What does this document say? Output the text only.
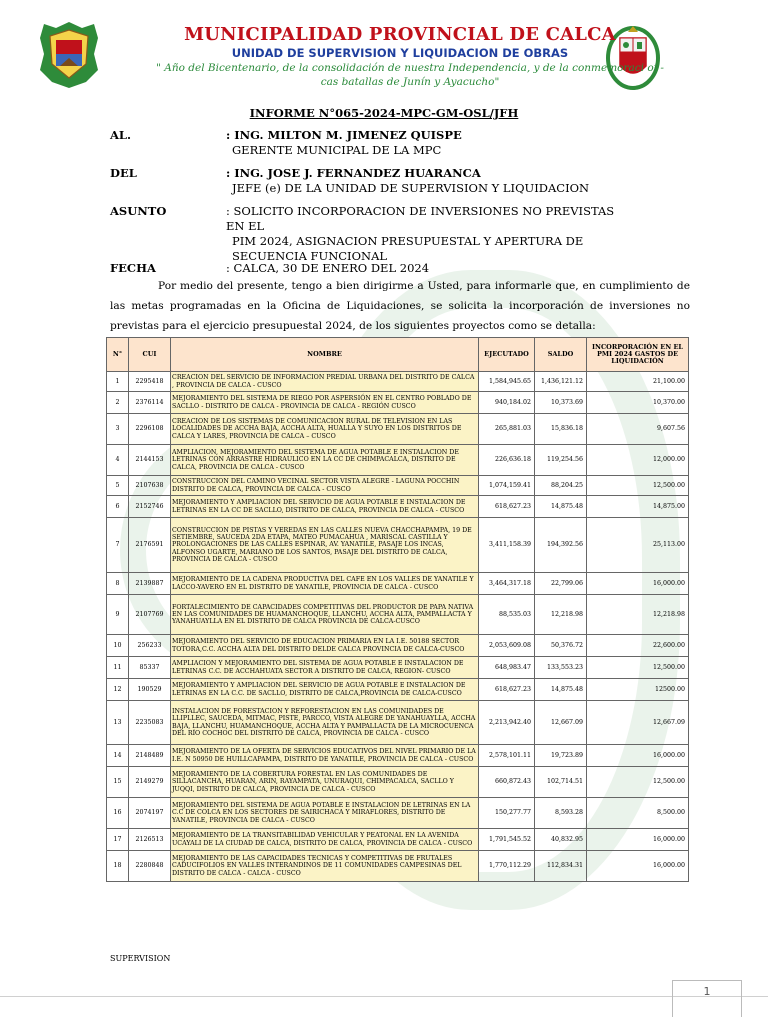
MUNICIPALIDAD PROVINCIAL DE CALCA
UNIDAD DE SUPERVISION Y LIQUIDACION DE OBRAS
" Año del Bicentenario, de la consolidación de nuestra Independencia, y de la conmemoraci oi -
cas batallas de Junín y Ayacucho"
INFORME N°065-2024-MPC-GM-OSL/JFH
AL.	: ING. MILTON M. JIMENEZ QUISPE
GERENTE MUNICIPAL DE LA MPC
DEL	: ING. JOSE J. FERNANDEZ HUARANCA
JEFE (e) DE LA UNIDAD DE SUPERVISION Y LIQUIDACION
ASUNTO	: SOLICITO INCORPORACION DE INVERSIONES NO PREVISTAS EN EL
PIM 2024, ASIGNACION PRESUPUESTAL Y APERTURA DE
SECUENCIA FUNCIONAL
FECHA	: CALCA, 30 DE ENERO DEL 2024
Por medio del presente, tengo a bien dirigirme a Usted, para informarle que, en cumplimiento de las metas programadas en la Oficina de Liquidaciones, se solicita la incorporación de inversiones no previstas para el ejercicio presupuestal 2024, de los siguientes proyectos como se detalla:
N°	CUI	NOMBRE	EJECUTADO	SALDO	INCORPORACIÓN EN EL PMI 2024 GASTOS DE LIQUIDACIÓN
1	2295418	CREACION DEL SERVICIO DE INFORMACION PREDIAL URBANA DEL DISTRITO DE CALCA , PROVINCIA DE CALCA - CUSCO	1,584,945.65	1,436,121.12	21,100.00
2	2376114	MEJORAMIENTO DEL SISTEMA DE RIEGO POR ASPERSIÓN EN EL CENTRO POBLADO DE SACLLO - DISTRITO DE CALCA - PROVINCIA DE CALCA - REGIÓN CUSCO	940,184.02	10,373.69	10,370.00
3	2296108	CREACION DE LOS SISTEMAS DE COMUNICACION RURAL DE TELEVISION EN LAS LOCALIDADES DE ACCHA BAJA, ACCHA ALTA, HUALLA Y SUYO EN LOS DISTRITOS DE CALCA Y LARES, PROVINCIA DE CALCA – CUSCO	265,881.03	15,836.18	9,607.56
4	2144153	AMPLIACION, MEJORAMIENTO DEL SISTEMA DE AGUA POTABLE E INSTALACION DE LETRINAS CON ARRASTRE HIDRAULICO EN LA CC DE CHIMPACALCA, DISTRITO DE CALCA, PROVINCIA DE CALCA - CUSCO	226,636.18	119,254.56	12,000.00
5	2107638	CONSTRUCCION DEL CAMINO VECINAL SECTOR VISTA ALEGRE - LAGUNA POCCHIN DISTRITO DE CALCA, PROVINCIA DE CALCA - CUSCO	1,074,159.41	88,204.25	12,500.00
6	2152746	MEJORAMIENTO Y AMPLIACION DEL SERVICIO DE AGUA POTABLE E INSTALACION DE LETRINAS EN LA CC DE SACLLO, DISTRITO DE CALCA, PROVINCIA DE CALCA - CUSCO	618,627.23	14,875.48	14,875.00
7	2176591	CONSTRUCCION DE PISTAS Y VEREDAS EN LAS CALLES NUEVA CHACCHAPAMPA, 19 DE SETIEMBRE, SAUCEDA 2DA ETAPA, MATEO PUMACAHUA , MARISCAL CASTILLA Y PROLONGACIONES DE LAS CALLES ESPINAR, AV. YANATILE, PASAJE LOS INCAS, ALFONSO UGARTE, MARIANO DE LOS SANTOS, PASAJE DEL DISTRITO DE CALCA, PROVINCIA DE CALCA - CUSCO	3,411,158.39	194,392.56	25,113.00
8	2139887	MEJORAMIENTO DE LA CADENA PRODUCTIVA DEL CAFE EN LOS VALLES DE YANATILE Y LACCO-YAVERO EN EL DISTRITO DE YANATILE, PROVINCIA DE CALCA - CUSCO	3,464,317.18	22,799.06	16,000.00
9	2107769	FORTALECIMIENTO DE CAPACIDADES COMPETITIVAS DEL PRODUCTOR DE PAPA NATIVA EN LAS COMUNIDADES DE HUAMANCHOQUE, LLANCHU, ACCHA ALTA, PAMPALLACTA Y YANAHUAYLLA EN EL DISTRITO DE CALCA PROVINCIA DE CALCA-CUSCO	88,535.03	12,218.98	12,218.98
10	256233	MEJORAMIENTO DEL SERVICIO DE EDUCACION PRIMARIA EN LA I.E. 50188 SECTOR TOTORA,C.C. ACCHA ALTA DEL DISTRITO DELDE CALCA PROVINCIA DE CALCA-CUSCO	2,053,609.08	50,376.72	22,600.00
11	85337	AMPLIACION Y MEJORAMIENTO DEL SISTEMA DE AGUA POTABLE E INSTALACION DE LETRINAS C.C. DE ACCHAHUATA SECTOR A DISTRITO DE CALCA, REGION- CUSCO	648,983.47	133,553.23	12,500.00
12	190529	MEJORAMIENTO Y AMPLIACION DEL SERVICIO DE AGUA POTABLE E INSTALACION DE LETRINAS EN LA C.C. DE SACLLO, DISTRITO DE CALCA,PROVINCIA DE CALCA-CUSCO	618,627.23	14,875.48	12500.00
13	2235083	INSTALACION DE FORESTACION Y REFORESTACION EN LAS COMUNIDADES DE LLIPLLEC, SAUCEDA, MITMAC, PISTE, PARCCO, VISTA ALEGRE DE YANAHUAYLLA, ACCHA BAJA, LLANCHU, HUAMANCHOQUE, ACCHA ALTA Y PAMPALLACTA DE LA MICROCUENCA DEL RÍO COCHOC DEL DISTRITO DE CALCA, PROVINCIA DE CALCA - CUSCO	2,213,942.40	12,667.09	12,667.09
14	2148489	MEJORAMIENTO DE LA OFERTA DE SERVICIOS EDUCATIVOS DEL NIVEL PRIMARIO DE LA I.E. N 50950 DE HUILLCAPAMPA, DISTRITO DE YANATILE, PROVINCIA DE CALCA - CUSCO	2,578,101.11	19,723.89	16,000.00
15	2149279	MEJORAMIENTO DE LA COBERTURA FORESTAL EN LAS COMUNIDADES DE SILLACANCHA, HUARAN, ARIN, RAYAMPATA, UNURAQUI, CHIMPACALCA, SACLLO Y JUQQI, DISTRITO DE CALCA, PROVINCIA DE CALCA - CUSCO	660,872.43	102,714.51	12,500.00
16	2074197	MEJORAMIENTO DEL SISTEMA DE AGUA POTABLE E INSTALACION DE LETRINAS EN LA C.C DE COLCA EN LOS SECTORES DE SAIRICHACA Y MIRAFLORES, DISTRITO DE YANATILE, PROVINCIA DE CALCA - CUSCO	150,277.77	8,593.28	8,500.00
17	2126513	MEJORAMIENTO DE LA TRANSITABILIDAD VEHICULAR Y PEATONAL EN LA AVENIDA UCAYALI DE LA CIUDAD DE CALCA, DISTRITO DE CALCA, PROVINCIA DE CALCA - CUSCO	1,791,545.52	40,832.95	16,000.00
18	2280848	MEJORAMIENTO DE LAS CAPACIDADES TECNICAS Y COMPETITIVAS DE FRUTALES CADUCIFOLIOS EN VALLES INTERANDINOS DE 11 COMUNIDADES CAMPESINAS DEL DISTRITO DE CALCA - CALCA - CUSCO	1,770,112.29	112,834.31	16,000.00
SUPERVISION
1
